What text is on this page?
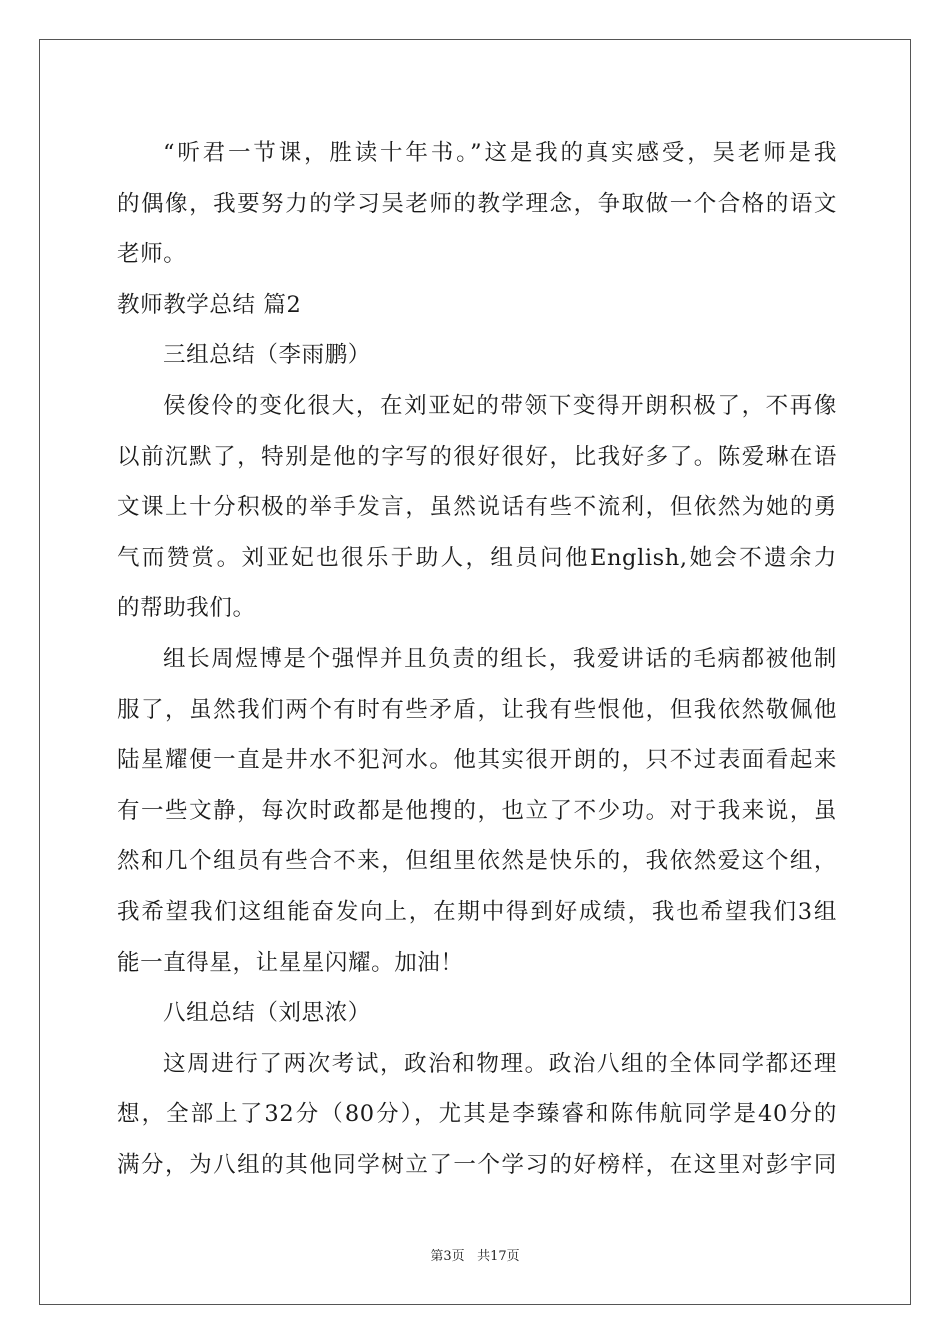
“听君一节课，胜读十年书。”这是我的真实感受，吴老师是我
的偶像，我要努力的学习吴老师的教学理念，争取做一个合格的语文
老师。
教师教学总结 篇2
三组总结（李雨鹏）
侯俊伶的变化很大，在刘亚妃的带领下变得开朗积极了，不再像
以前沉默了，特别是他的字写的很好很好，比我好多了。陈爱琳在语
文课上十分积极的举手发言，虽然说话有些不流利，但依然为她的勇
气而赞赏。刘亚妃也很乐于助人，组员问他English,她会不遗余力
的帮助我们。
组长周煜博是个强悍并且负责的组长，我爱讲话的毛病都被他制
服了，虽然我们两个有时有些矛盾，让我有些恨他，但我依然敬佩他
陆星耀便一直是井水不犯河水。他其实很开朗的，只不过表面看起来
有一些文静，每次时政都是他搜的，也立了不少功。对于我来说，虽
然和几个组员有些合不来，但组里依然是快乐的，我依然爱这个组，
我希望我们这组能奋发向上，在期中得到好成绩，我也希望我们3组
能一直得星，让星星闪耀。加油！
八组总结（刘思浓）
这周进行了两次考试，政治和物理。政治八组的全体同学都还理
想，全部上了32分（80分），尤其是李臻睿和陈伟航同学是40分的
满分，为八组的其他同学树立了一个学习的好榜样，在这里对彭宇同
第3页 共17页
